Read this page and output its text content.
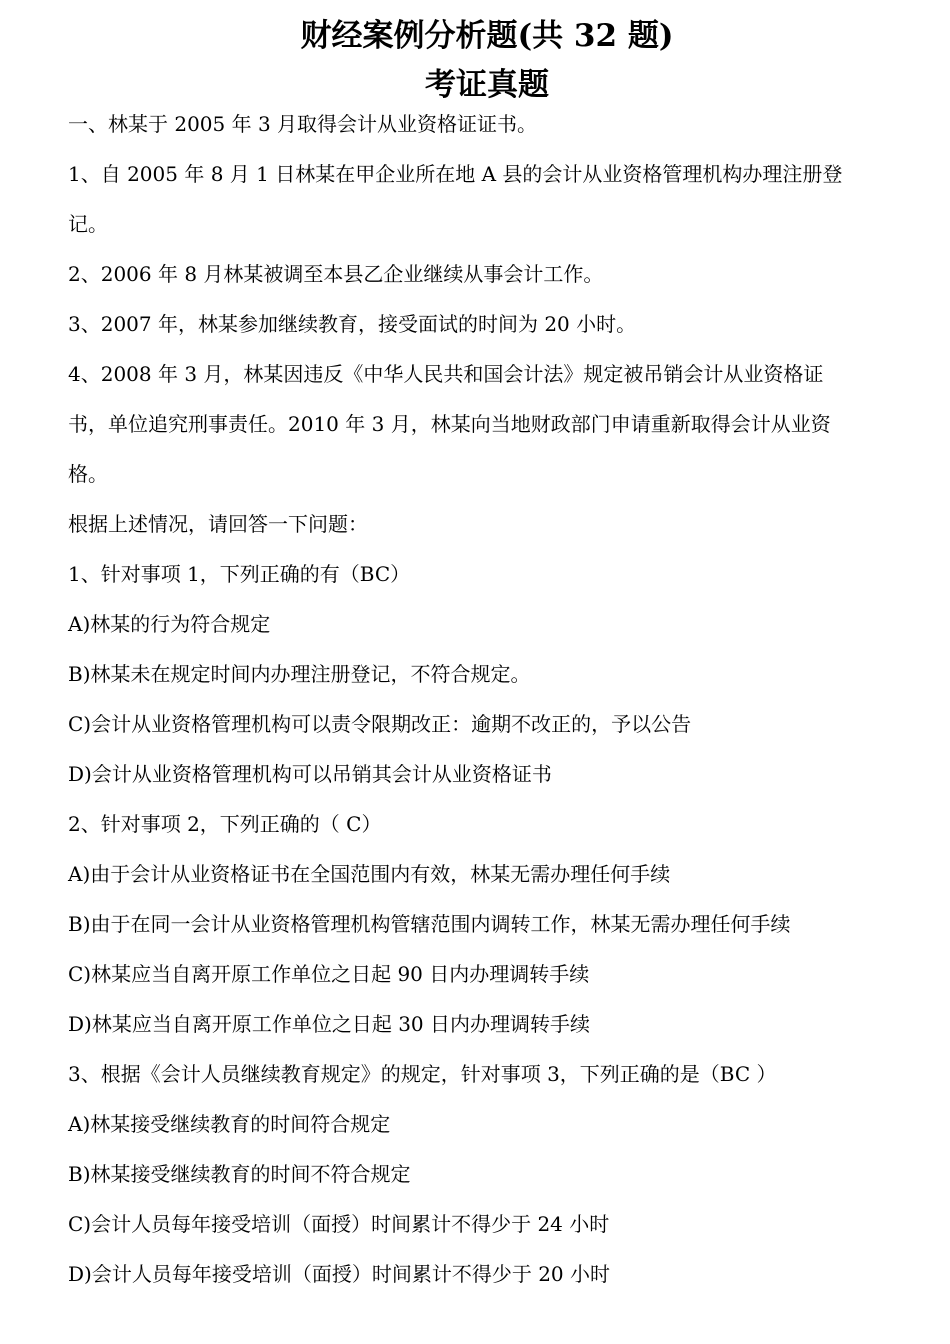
财经案例分析题(共 32 题)
考证真题

一、林某于 2005 年 3 月取得会计从业资格证证书。

1、自 2005 年 8 月 1 日林某在甲企业所在地 A 县的会计从业资格管理机构办理注册登

记。

2、2006 年 8 月林某被调至本县乙企业继续从事会计工作。

3、2007 年，林某参加继续教育，接受面试的时间为 20 小时。

4、2008 年 3 月，林某因违反《中华人民共和国会计法》规定被吊销会计从业资格证

书，单位追究刑事责任。2010 年 3 月，林某向当地财政部门申请重新取得会计从业资

格。

根据上述情况，请回答一下问题：

1、针对事项 1，下列正确的有（BC）

A)林某的行为符合规定

B)林某未在规定时间内办理注册登记，不符合规定。

C)会计从业资格管理机构可以责令限期改正：逾期不改正的，予以公告

D)会计从业资格管理机构可以吊销其会计从业资格证书

2、针对事项 2，下列正确的（ C）

A)由于会计从业资格证书在全国范围内有效，林某无需办理任何手续

B)由于在同一会计从业资格管理机构管辖范围内调转工作，林某无需办理任何手续

C)林某应当自离开原工作单位之日起 90 日内办理调转手续

D)林某应当自离开原工作单位之日起 30 日内办理调转手续

3、根据《会计人员继续教育规定》的规定，针对事项 3，下列正确的是（BC ）

A)林某接受继续教育的时间符合规定

B)林某接受继续教育的时间不符合规定

C)会计人员每年接受培训（面授）时间累计不得少于 24 小时

D)会计人员每年接受培训（面授）时间累计不得少于 20 小时
